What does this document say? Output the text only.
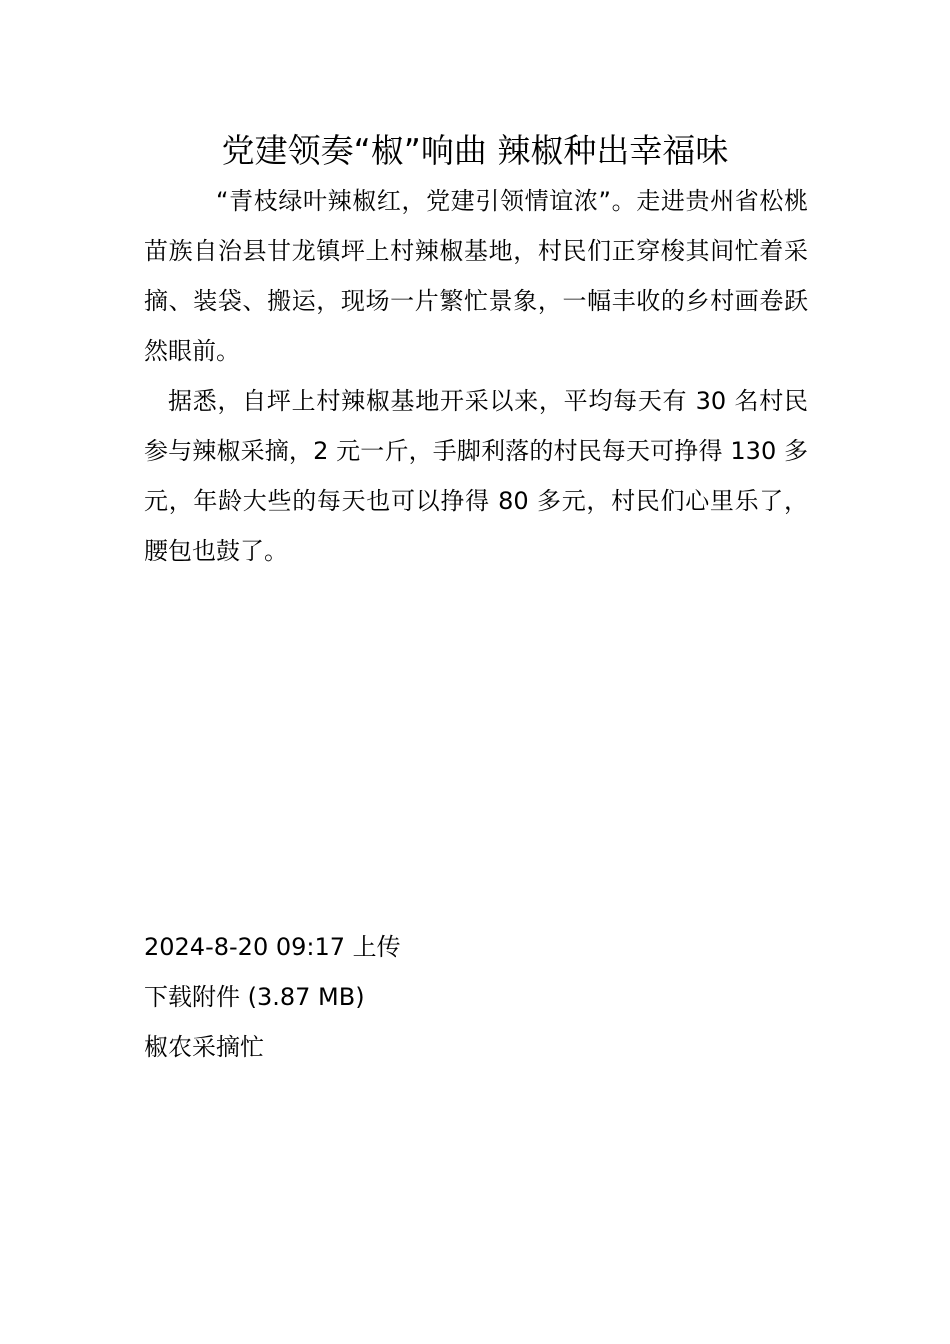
党建领奏“椒”响曲 辣椒种出幸福味

“青枝绿叶辣椒红，党建引领情谊浓”。走进贵州省松桃苗族自治县甘龙镇坪上村辣椒基地，村民们正穿梭其间忙着采摘、装袋、搬运，现场一片繁忙景象，一幅丰收的乡村画卷跃然眼前。

据悉，自坪上村辣椒基地开采以来，平均每天有 30 名村民参与辣椒采摘，2 元一斤，手脚利落的村民每天可挣得 130 多元，年龄大些的每天也可以挣得 80 多元，村民们心里乐了，腰包也鼓了。

2024-8-20 09:17 上传
下载附件 (3.87 MB)
椒农采摘忙
